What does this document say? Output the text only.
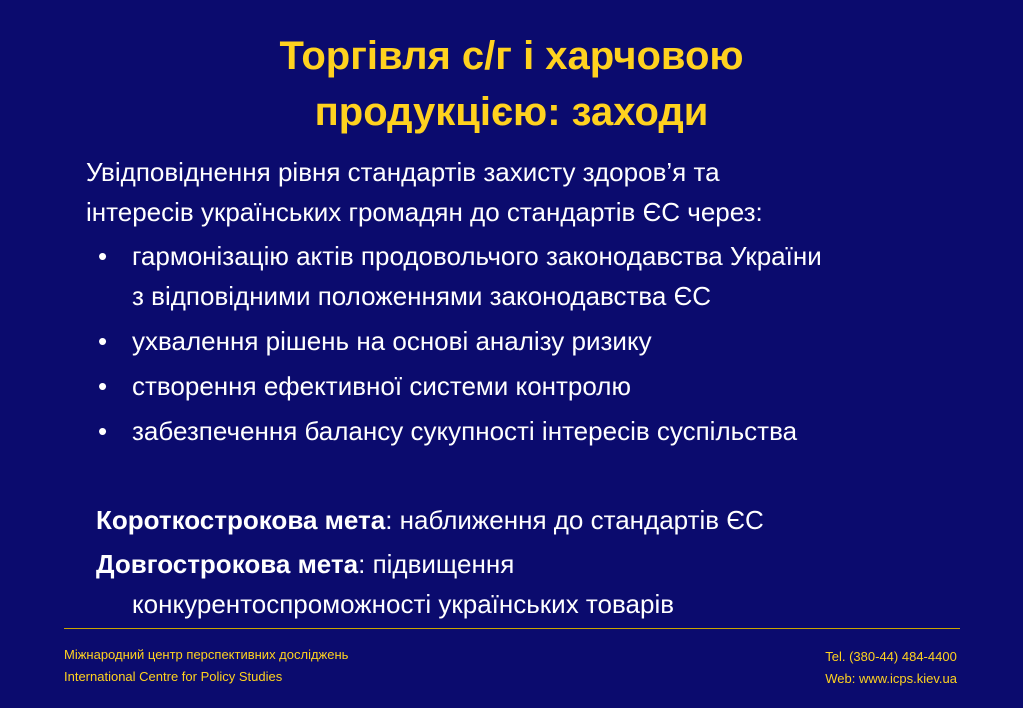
Торгівля с/г і харчовою
продукцією: заходи
Увідповіднення рівня стандартів захисту здоров’я та
інтересів українських громадян до стандартів ЄС через:
• гармонізацію актів продовольчого законодавства України
з відповідними положеннями законодавства ЄС
• ухвалення рішень на основі аналізу ризику
• створення ефективної системи контролю
• забезпечення балансу сукупності інтересів суспільства
Короткострокова мета: наближення до стандартів ЄС
Довгострокова мета: підвищення
конкурентоспроможності українських товарів
Міжнародний центр перспективних досліджень
International Centre for Policy Studies
Tel. (380-44) 484-4400
Web: www.icps.kiev.ua
